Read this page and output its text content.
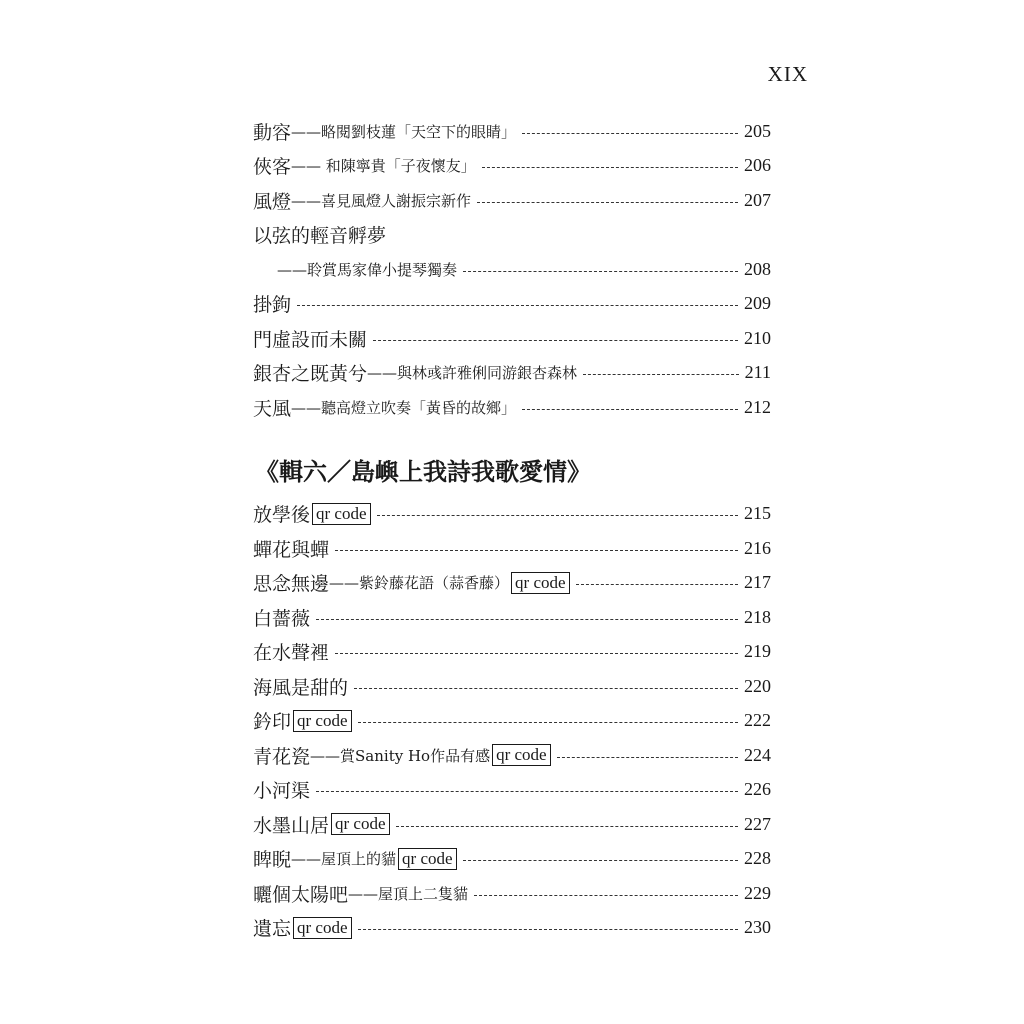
XIX
動容 ——略閱劉枝蓮「天空下的眼睛」	205
俠客 —— 和陳寧貴「子夜懷友」	206
風燈 ——喜見風燈人謝振宗新作	207
以弦的輕音孵夢
——聆賞馬家偉小提琴獨奏	208
掛鉤	209
門虛設而未關	210
銀杏之既黃兮 ——與林彧許雅俐同游銀杏森林	211
天風 ——聽高燈立吹奏「黃昏的故鄉」	212
《輯六／島嶼上我詩我歌愛情》
放學後 qr code	215
蟬花與蟬	216
思念無邊 ——紫鈴藤花語（蒜香藤） qr code	217
白薔薇	218
在水聲裡	219
海風是甜的	220
鈐印 qr code	222
青花瓷 ——賞Sanity Ho作品有感 qr code	224
小河渠	226
水墨山居 qr code	227
睥睨 ——屋頂上的貓 qr code	228
曬個太陽吧 ——屋頂上二隻貓	229
遺忘 qr code	230
